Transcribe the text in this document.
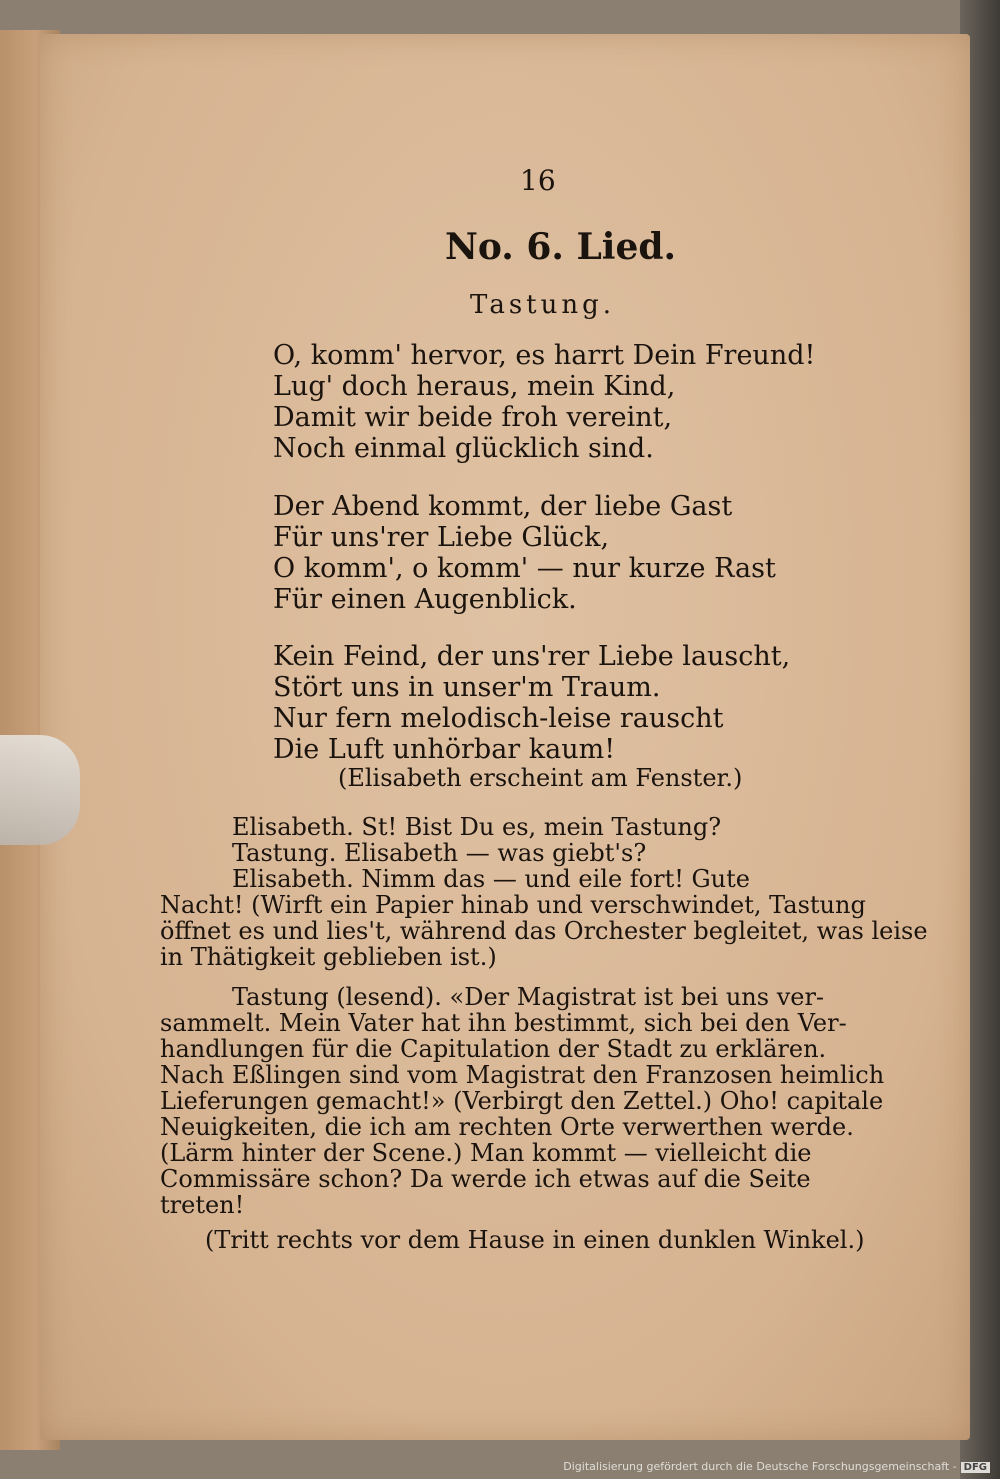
16
No. 6. Lied.
Tastung.
O, komm' hervor, es harrt Dein Freund!
Lug' doch heraus, mein Kind,
Damit wir beide froh vereint,
Noch einmal glücklich sind.
Der Abend kommt, der liebe Gast
Für uns'rer Liebe Glück,
O komm', o komm' — nur kurze Rast
Für einen Augenblick.
Kein Feind, der uns'rer Liebe lauscht,
Stört uns in unser'm Traum.
Nur fern melodisch-leise rauscht
Die Luft unhörbar kaum!
(Elisabeth erscheint am Fenster.)
Elisabeth. St! Bist Du es, mein Tastung?
Tastung. Elisabeth — was giebt's?
Elisabeth. Nimm das — und eile fort! Gute
Nacht! (Wirft ein Papier hinab und verschwindet, Tastung
öffnet es und lies't, während das Orchester begleitet, was leise
in Thätigkeit geblieben ist.)
Tastung (lesend). «Der Magistrat ist bei uns ver-
sammelt. Mein Vater hat ihn bestimmt, sich bei den Ver-
handlungen für die Capitulation der Stadt zu erklären.
Nach Eßlingen sind vom Magistrat den Franzosen heimlich
Lieferungen gemacht!» (Verbirgt den Zettel.) Oho! capitale
Neuigkeiten, die ich am rechten Orte verwerthen werde.
(Lärm hinter der Scene.) Man kommt — vielleicht die
Commissäre schon? Da werde ich etwas auf die Seite
treten!
(Tritt rechts vor dem Hause in einen dunklen Winkel.)
Digitalisierung gefördert durch die Deutsche Forschungsgemeinschaft - DFG
